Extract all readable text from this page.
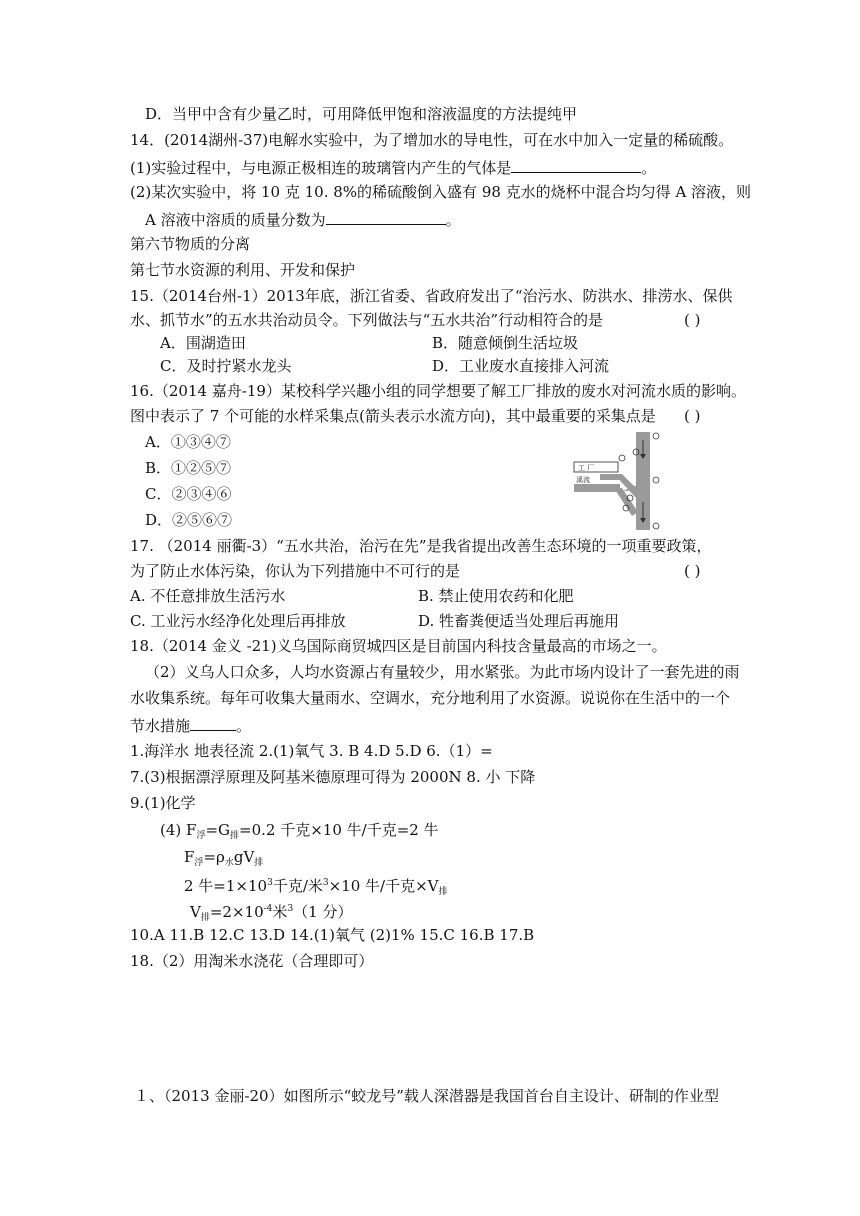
D．当甲中含有少量乙时，可用降低甲饱和溶液温度的方法提纯甲
14．(2014湖州-37)电解水实验中，为了增加水的导电性，可在水中加入一定量的稀硫酸。
(1)实验过程中，与电源正极相连的玻璃管内产生的气体是	。
(2)某次实验中，将 10 克 10. 8%的稀硫酸倒入盛有 98 克水的烧杯中混合均匀得 A 溶液，则
A 溶液中溶质的质量分数为	。
第六节物质的分离
第七节水资源的利用、开发和保护
15.（2014台州-1）2013年底，浙江省委、省政府发出了“治污水、防洪水、排涝水、保供
水、抓节水”的五水共治动员令。下列做法与“五水共治”行动相符合的是	( )
A．围湖造田	B．随意倾倒生活垃圾
C．及时拧紧水龙头	D．工业废水直接排入河流
16.（2014 嘉舟-19）某校科学兴趣小组的同学想要了解工厂排放的废水对河流水质的影响。
图中表示了 7 个可能的水样采集点(箭头表示水流方向)，其中最重要的采集点是 ( )
A．①③④⑦
B．①②⑤⑦
C．②③④⑥
D．②⑤⑥⑦
工 厂
溪流
17. （2014 丽衢-3）“五水共治，治污在先”是我省提出改善生态环境的一项重要政策，
为了防止水体污染，你认为下列措施中不可行的是	( )
A. 不任意排放生活污水	B. 禁止使用农药和化肥
C. 工业污水经净化处理后再排放	D. 牲畜粪便适当处理后再施用
18.（2014 金义 -21)义乌国际商贸城四区是目前国内科技含量最高的市场之一。
（2）义乌人口众多，人均水资源占有量较少，用水紧张。为此市场内设计了一套先进的雨
水收集系统。每年可收集大量雨水、空调水，充分地利用了水资源。说说你在生活中的一个
节水措施	。
1.海洋水 地表径流 2.(1)氧气 3. B 4.D 5.D 6.（1）=
7.(3)根据漂浮原理及阿基米德原理可得为 2000N 8. 小 下降
9.(1)化学
(4) $F_浮=G_排=0.2$ 千克×10 牛/千克=2 牛
$F_浮=\rho_水gV_排$
2 牛$=1\times 10^3$千克/米$^3$×10 牛/千克$\times V_排$
$V_排=2\times 10^{-4}$米$^3$（1 分）
10.A 11.B 12.C 13.D 14.(1)氧气 (2)1% 15.C 16.B 17.B
18.（2）用淘米水浇花（合理即可）
１、（2013 金丽-20）如图所示“蛟龙号”载人深潜器是我国首台自主设计、研制的作业型
